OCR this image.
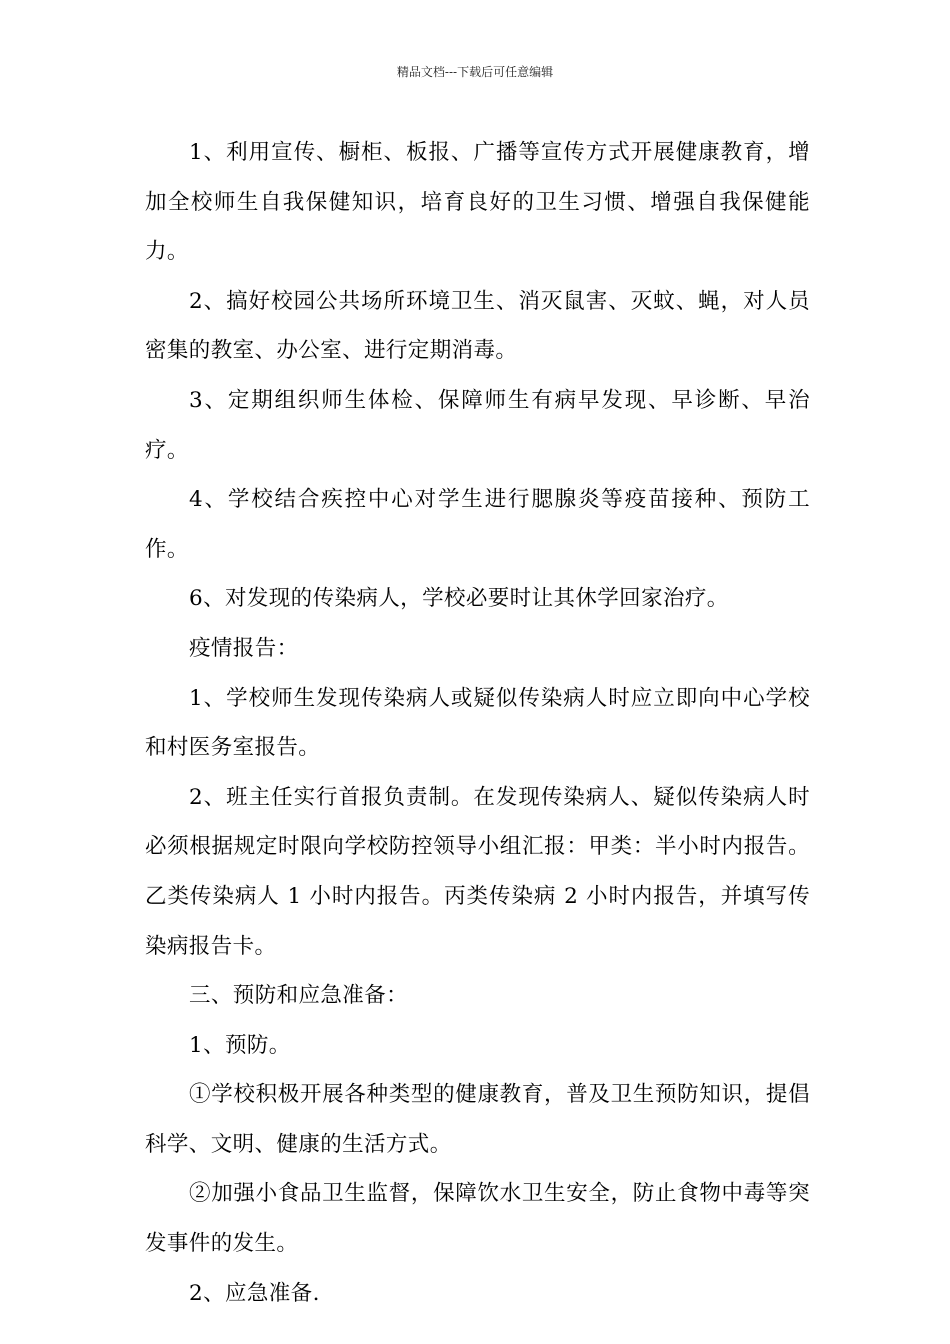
精品文档---下载后可任意编辑

1、利用宣传、橱柜、板报、广播等宣传方式开展健康教育，增加全校师生自我保健知识，培育良好的卫生习惯、增强自我保健能力。

2、搞好校园公共场所环境卫生、消灭鼠害、灭蚊、蝇，对人员密集的教室、办公室、进行定期消毒。

3、定期组织师生体检、保障师生有病早发现、早诊断、早治疗。

4、学校结合疾控中心对学生进行腮腺炎等疫苗接种、预防工作。

6、对发现的传染病人，学校必要时让其休学回家治疗。

疫情报告：

1、学校师生发现传染病人或疑似传染病人时应立即向中心学校和村医务室报告。

2、班主任实行首报负责制。在发现传染病人、疑似传染病人时必须根据规定时限向学校防控领导小组汇报：甲类：半小时内报告。乙类传染病人 1 小时内报告。丙类传染病 2 小时内报告，并填写传染病报告卡。

三、预防和应急准备：

1、预防。

①学校积极开展各种类型的健康教育，普及卫生预防知识，提倡科学、文明、健康的生活方式。

②加强小食品卫生监督，保障饮水卫生安全，防止食物中毒等突发事件的发生。

2、应急准备.
